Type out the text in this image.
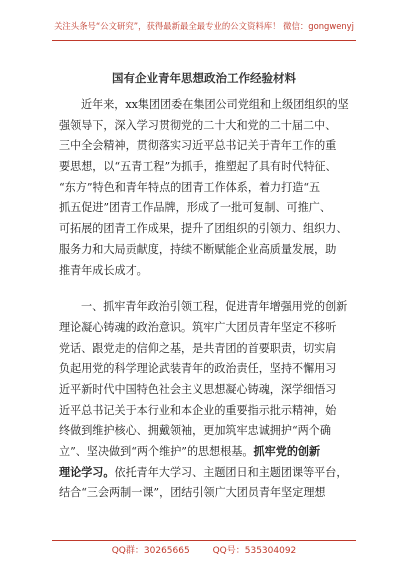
关注头条号“公文研究”，获得最新最全最专业的公文资料库！ 微信：gongwenyj
国有企业青年思想政治工作经验材料
近年来，xx集团团委在集团公司党组和上级团组织的坚
强领导下，深入学习贯彻党的二十大和党的二十届二中、
三中全会精神，贯彻落实习近平总书记关于青年工作的重
要思想，以“五青工程”为抓手，推塑起了具有时代特征、
“东方”特色和青年特点的团青工作体系，着力打造“五
抓五促进”团青工作品牌，形成了一批可复制、可推广、
可拓展的团青工作成果，提升了团组织的引领力、组织力、
服务力和大局贡献度，持续不断赋能企业高质量发展，助
推青年成长成才。
一、抓牢青年政治引领工程，促进青年增强用党的创新
理论凝心铸魂的政治意识。筑牢广大团员青年坚定不移听
党话、跟党走的信仰之基，是共青团的首要职责，切实肩
负起用党的科学理论武装青年的政治责任，坚持不懈用习
近平新时代中国特色社会主义思想凝心铸魂，深学细悟习
近平总书记关于本行业和本企业的重要指示批示精神，始
终做到维护核心、拥戴领袖，更加筑牢忠诚拥护“两个确
立”、坚决做到“两个维护”的思想根基。抓牢党的创新
理论学习。依托青年大学习、主题团日和主题团课等平台，
结合“三会两制一课”，团结引领广大团员青年坚定理想
QQ群：30265665	QQ号：535304092
